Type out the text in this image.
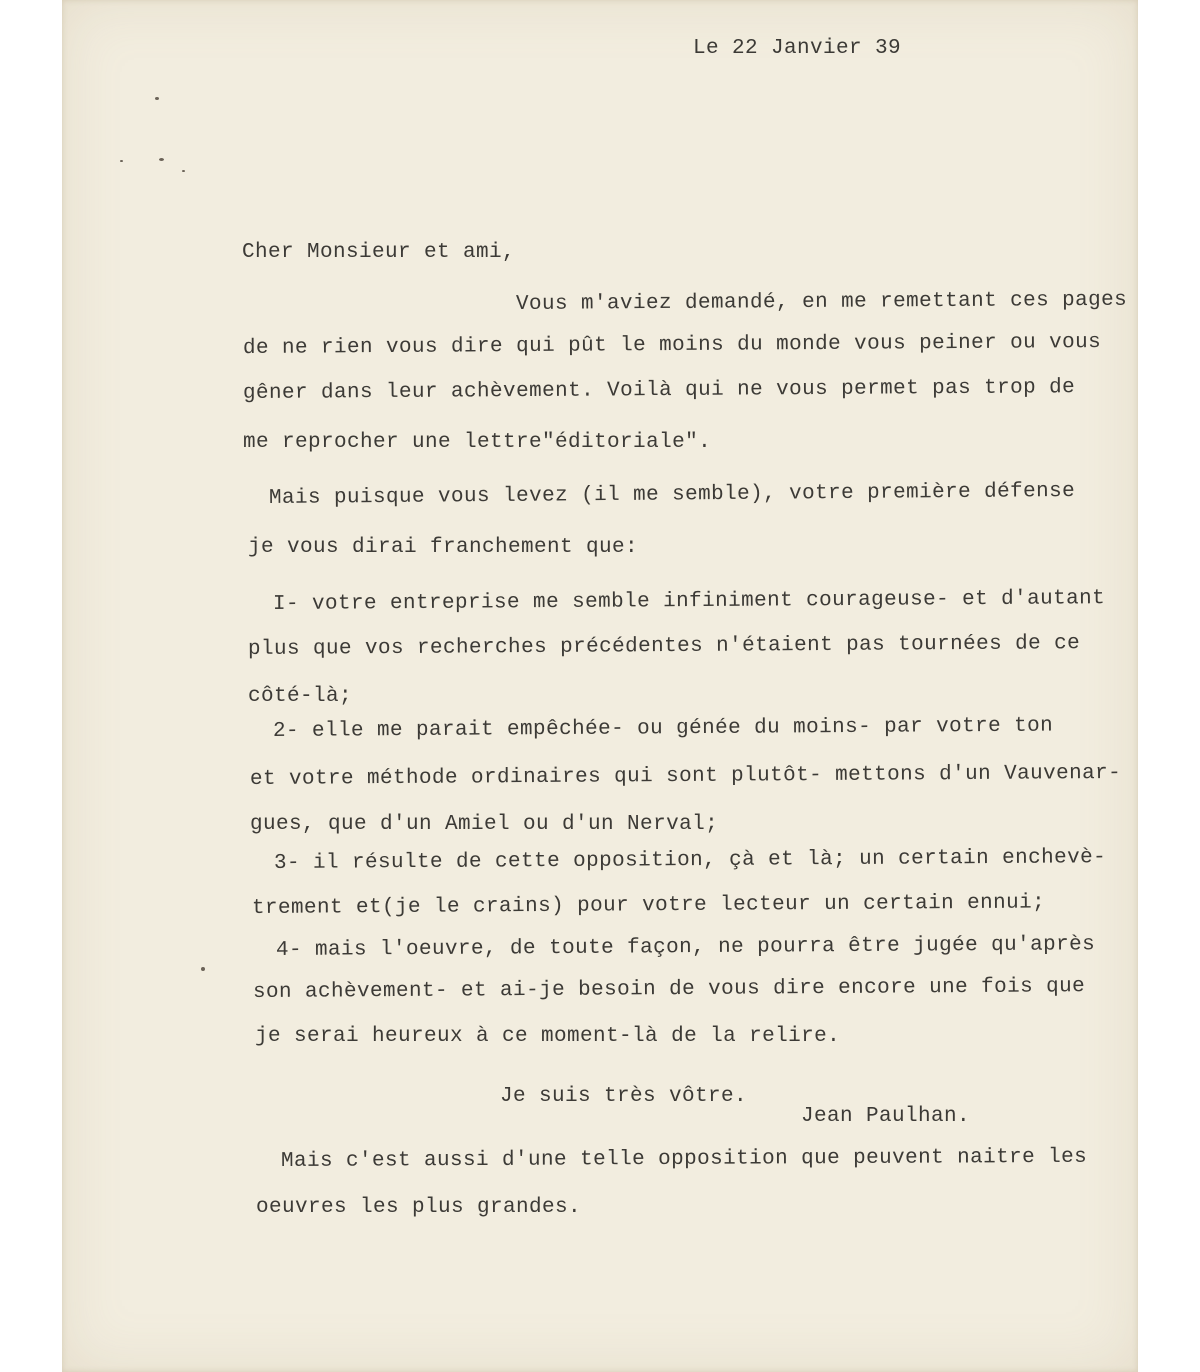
Le 22 Janvier 39
Cher Monsieur et ami,
Vous m'aviez demandé, en me remettant ces pages
de ne rien vous dire qui pût le moins du monde vous peiner ou vous
gêner dans leur achèvement. Voilà qui ne vous permet pas trop de
me reprocher une lettre"éditoriale".
Mais puisque vous levez (il me semble), votre première défense
je vous dirai franchement que:
I- votre entreprise me semble infiniment courageuse- et d'autant
plus que vos recherches précédentes n'étaient pas tournées de ce
côté-là;
2- elle me parait empêchée- ou génée du moins- par votre ton
et votre méthode ordinaires qui sont plutôt- mettons d'un Vauvenar-
gues, que d'un Amiel ou d'un Nerval;
3- il résulte de cette opposition, çà et là; un certain enchevè-
trement et(je le crains) pour votre lecteur un certain ennui;
4- mais l'oeuvre, de toute façon, ne pourra être jugée qu'après
son achèvement- et ai-je besoin de vous dire encore une fois que
je serai heureux à ce moment-là de la relire.
Je suis très vôtre.
Jean Paulhan.
Mais c'est aussi d'une telle opposition que peuvent naitre les
oeuvres les plus grandes.
